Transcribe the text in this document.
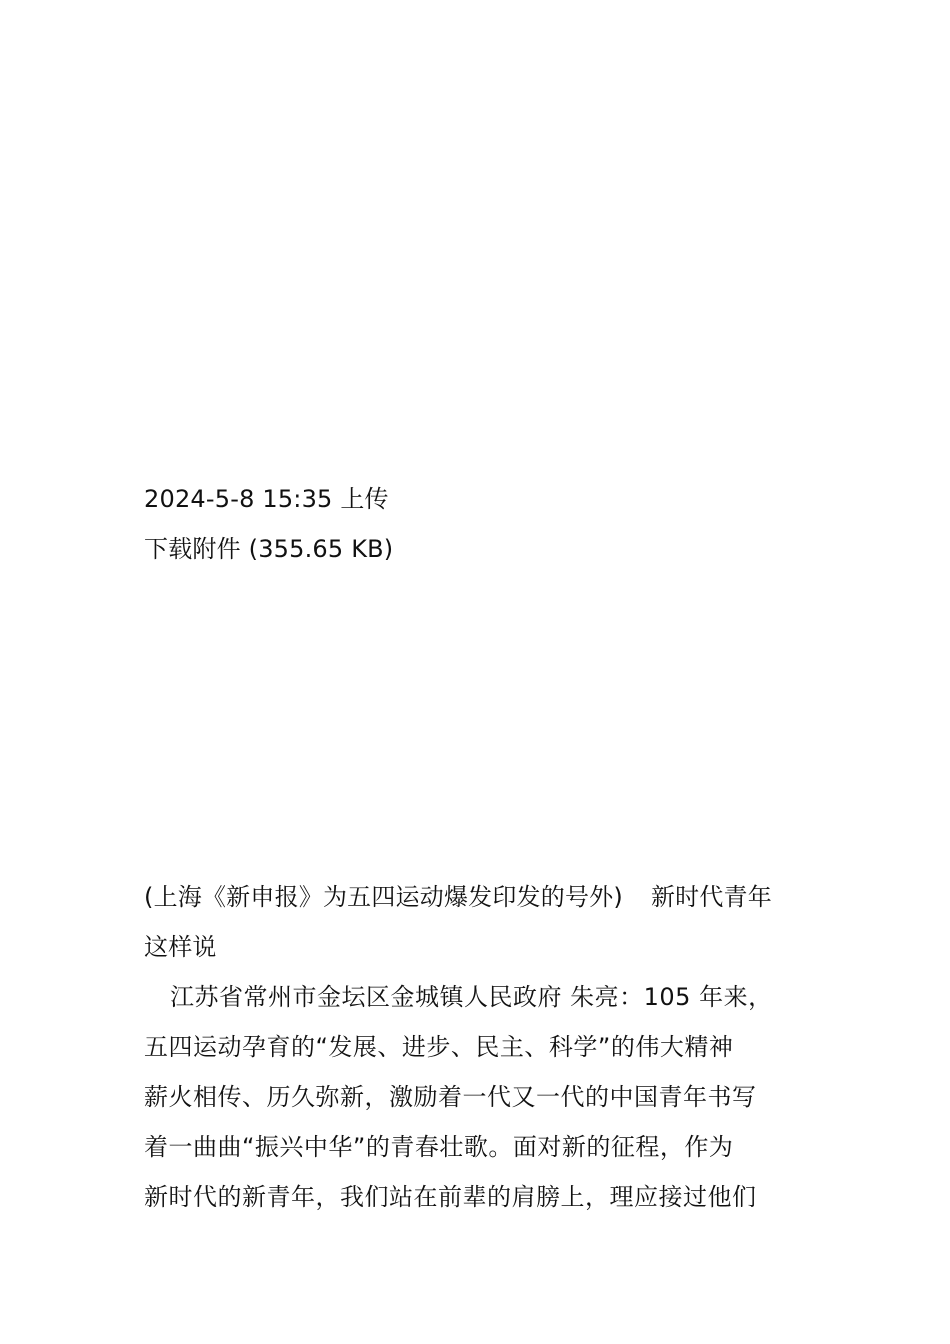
2024-5-8 15:35 上传
下载附件 (355.65 KB)
(上海《新申报》为五四运动爆发印发的号外) 新时代青年
这样说
江苏省常州市金坛区金城镇人民政府 朱亮：105 年来，
五四运动孕育的“发展、进步、民主、科学”的伟大精神
薪火相传、历久弥新，激励着一代又一代的中国青年书写
着一曲曲“振兴中华”的青春壮歌。面对新的征程，作为
新时代的新青年，我们站在前辈的肩膀上，理应接过他们
